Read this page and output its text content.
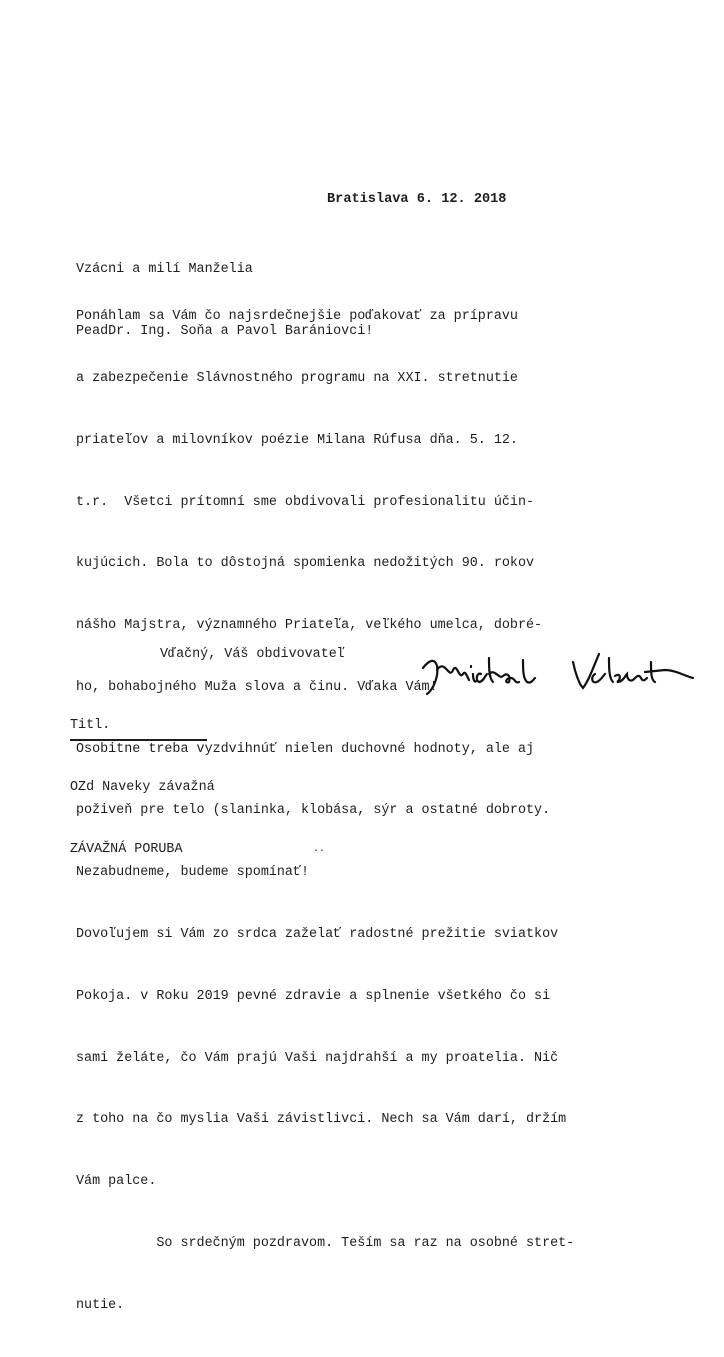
Bratislava 6. 12. 2018

Vzácni a milí Manželia

PeadDr. Ing. Soňa a Pavol Barániovci!

Ponáhlam sa Vám čo najsrdečnejšie poďakovať za prípravu

a zabezpečenie Slávnostného programu na XXI. stretnutie

priateľov a milovníkov poézie Milana Rúfusa dňa. 5. 12.

t.r.  Všetci prítomní sme obdivovali profesionalitu účin-

kujúcich. Bola to dôstojná spomienka nedožitých 90. rokov

nášho Majstra, významného Priateľa, veľkého umelca, dobré-

ho, bohabojného Muža slova a činu. Vďaka Vám!

Osobitne treba vyzdvihnúť nielen duchovné hodnoty, ale aj

poživeň pre telo (slaninka, klobása, sýr a ostatné dobroty.

Nezabudneme, budeme spomínať!

Dovoľujem si Vám zo srdca zaželať radostné prežitie sviatkov

Pokoja. v Roku 2019 pevné zdravie a splnenie všetkého čo si

sami želáte, čo Vám prajú Vaši najdrahší a my proatelia. Nič

z toho na čo myslia Vaši závistlivci. Nech sa Vám darí, držím

Vám palce.

So srdečným pozdravom. Teším sa raz na osobné stret-

nutie.

Vďačný, Váš obdivovateľ

Titl.

OZd Naveky závažná

ZÁVAŽNÁ PORUBA

	..
